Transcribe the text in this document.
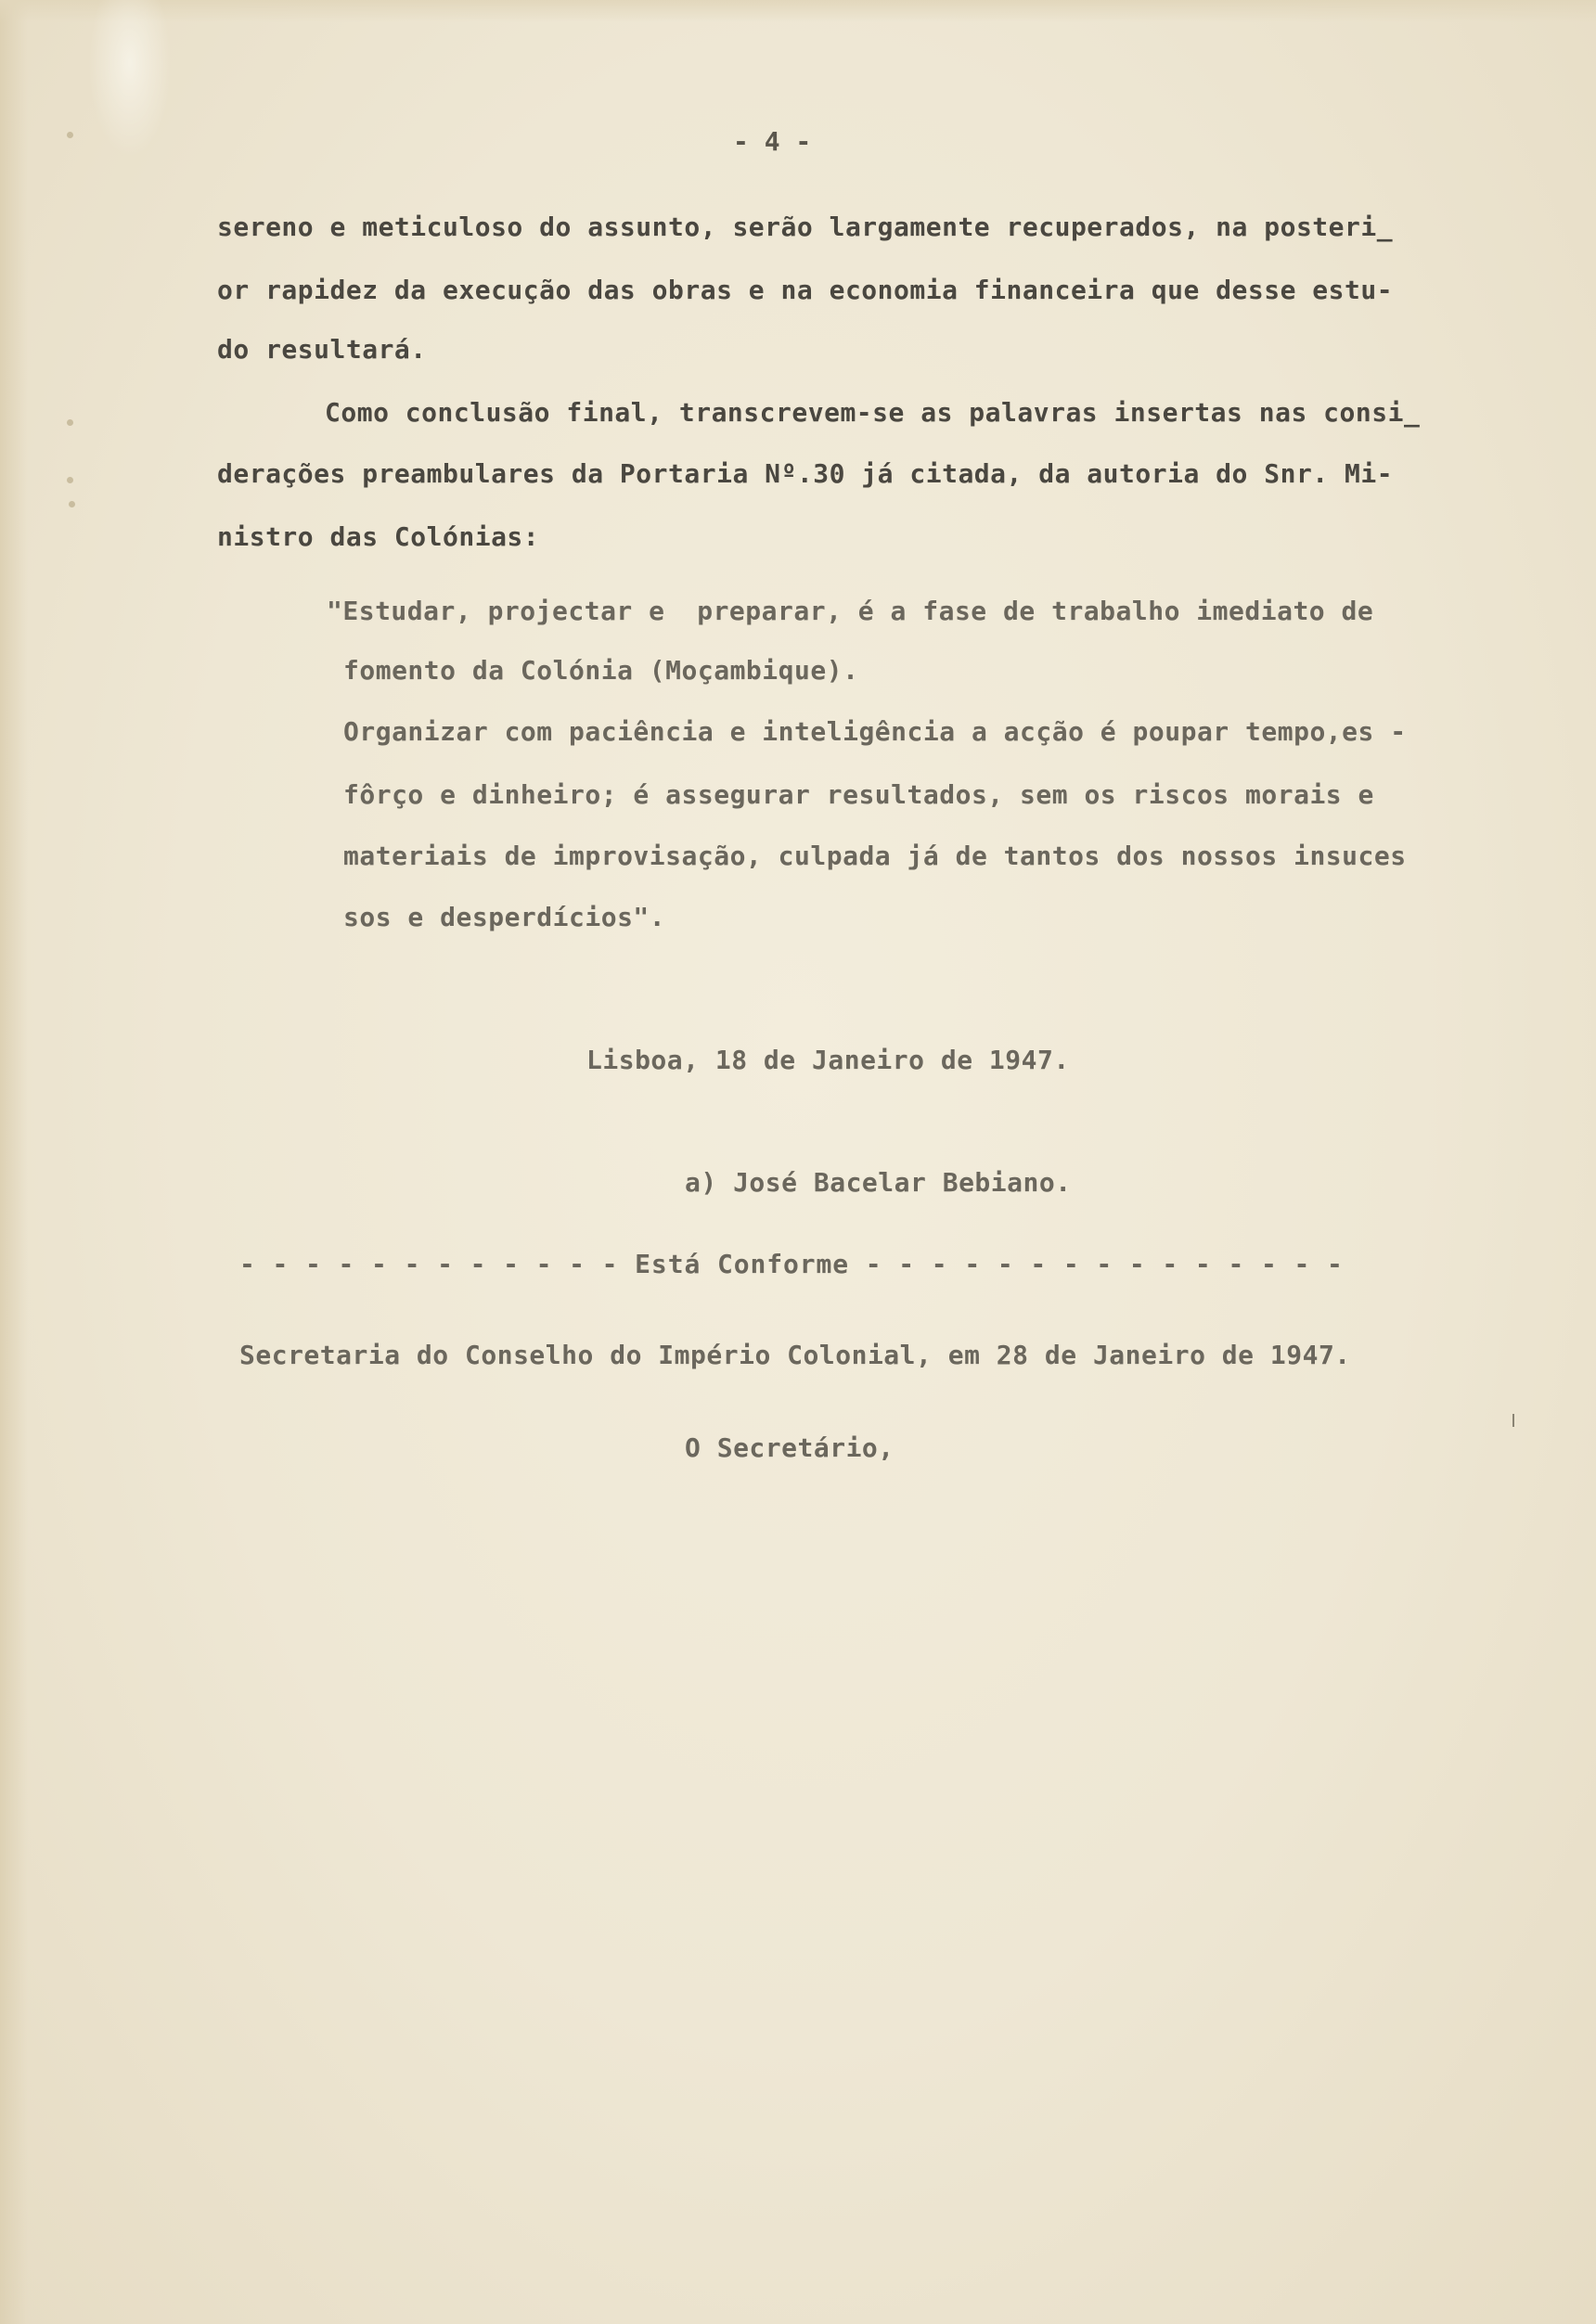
- 4 -
sereno e meticuloso do assunto, serão largamente recuperados, na posteri_
or rapidez da execução das obras e na economia financeira que desse estu-
do resultará.
Como conclusão final, transcrevem-se as palavras insertas nas consi_
derações preambulares da Portaria Nº.30 já citada, da autoria do Snr. Mi-
nistro das Colónias:
"Estudar, projectar e  preparar, é a fase de trabalho imediato de
fomento da Colónia (Moçambique).
Organizar com paciência e inteligência a acção é poupar tempo,es -
fôrço e dinheiro; é assegurar resultados, sem os riscos morais e
materiais de improvisação, culpada já de tantos dos nossos insuces
sos e desperdícios".
Lisboa, 18 de Janeiro de 1947.
a) José Bacelar Bebiano.
- - - - - - - - - - - - Está Conforme - - - - - - - - - - - - - - -
Secretaria do Conselho do Império Colonial, em 28 de Janeiro de 1947.
O Secretário,
